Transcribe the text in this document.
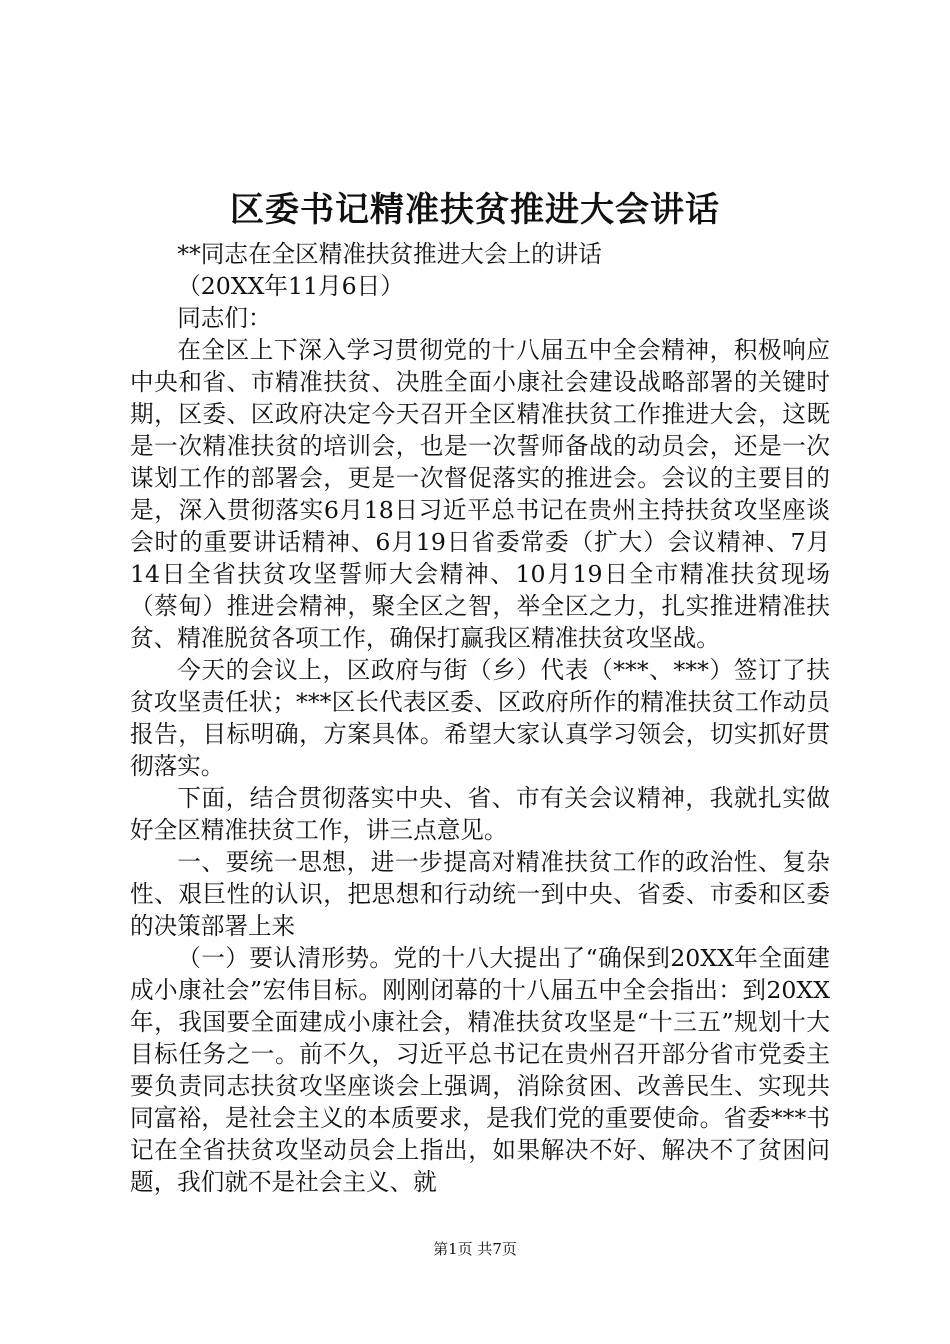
区委书记精准扶贫推进大会讲话

**同志在全区精准扶贫推进大会上的讲话

（20XX年11月6日）

同志们：

在全区上下深入学习贯彻党的十八届五中全会精神，积极响应中央和省、市精准扶贫、决胜全面小康社会建设战略部署的关键时期，区委、区政府决定今天召开全区精准扶贫工作推进大会，这既是一次精准扶贫的培训会，也是一次誓师备战的动员会，还是一次谋划工作的部署会，更是一次督促落实的推进会。会议的主要目的是，深入贯彻落实6月18日习近平总书记在贵州主持扶贫攻坚座谈会时的重要讲话精神、6月19日省委常委（扩大）会议精神、7月14日全省扶贫攻坚誓师大会精神、10月19日全市精准扶贫现场（蔡甸）推进会精神，聚全区之智，举全区之力，扎实推进精准扶贫、精准脱贫各项工作，确保打赢我区精准扶贫攻坚战。

今天的会议上，区政府与街（乡）代表（***、***）签订了扶贫攻坚责任状；***区长代表区委、区政府所作的精准扶贫工作动员报告，目标明确，方案具体。希望大家认真学习领会，切实抓好贯彻落实。

下面，结合贯彻落实中央、省、市有关会议精神，我就扎实做好全区精准扶贫工作，讲三点意见。

一、要统一思想，进一步提高对精准扶贫工作的政治性、复杂性、艰巨性的认识，把思想和行动统一到中央、省委、市委和区委的决策部署上来

（一）要认清形势。党的十八大提出了“确保到20XX年全面建成小康社会”宏伟目标。刚刚闭幕的十八届五中全会指出：到20XX年，我国要全面建成小康社会，精准扶贫攻坚是“十三五”规划十大目标任务之一。前不久，习近平总书记在贵州召开部分省市党委主要负责同志扶贫攻坚座谈会上强调，消除贫困、改善民生、实现共同富裕，是社会主义的本质要求，是我们党的重要使命。省委***书记在全省扶贫攻坚动员会上指出，如果解决不好、解决不了贫困问题，我们就不是社会主义、就

第1页 共7页
